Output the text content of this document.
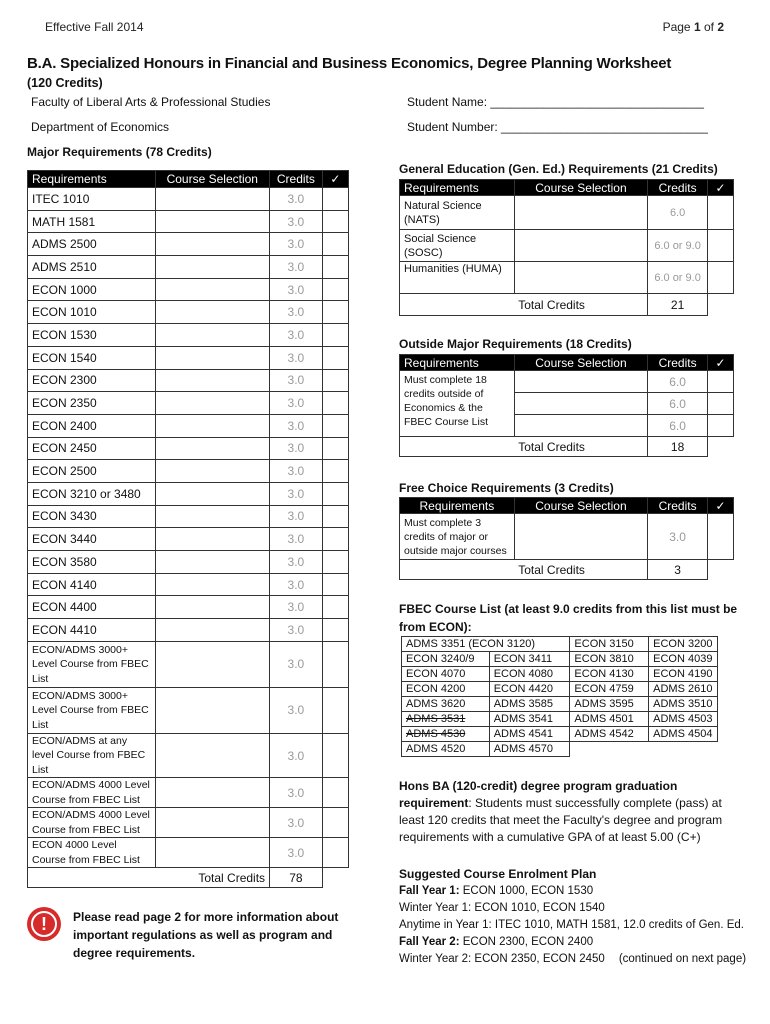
Effective Fall 2014	Page 1 of 2
B.A. Specialized Honours in Financial and Business Economics, Degree Planning Worksheet
(120 Credits)
Faculty of Liberal Arts & Professional Studies
Department of Economics
Student Name: ________________________________
Student Number: _______________________________
Major Requirements (78 Credits)
Requirements	Course Selection	Credits	✓
ITEC 1010		3.0	
MATH 1581		3.0	
ADMS 2500		3.0	
ADMS 2510		3.0	
ECON 1000		3.0	
ECON 1010		3.0	
ECON 1530		3.0	
ECON 1540		3.0	
ECON 2300		3.0	
ECON 2350		3.0	
ECON 2400		3.0	
ECON 2450		3.0	
ECON 2500		3.0	
ECON 3210 or 3480		3.0	
ECON 3430		3.0	
ECON 3440		3.0	
ECON 3580		3.0	
ECON 4140		3.0	
ECON 4400		3.0	
ECON 4410		3.0	
ECON/ADMS 3000+ Level Course from FBEC List		3.0	
ECON/ADMS 3000+ Level Course from FBEC List		3.0	
ECON/ADMS at any level Course from FBEC List		3.0	
ECON/ADMS 4000 Level Course from FBEC List		3.0	
ECON/ADMS 4000 Level Course from FBEC List		3.0	
ECON 4000 Level Course from FBEC List		3.0	
Total Credits		78	
!	Please read page 2 for more information about important regulations as well as program and degree requirements.
General Education (Gen. Ed.) Requirements (21 Credits)
Requirements	Course Selection	Credits	✓
Natural Science (NATS)		6.0	
Social Science (SOSC)		6.0 or 9.0	
Humanities (HUMA)		6.0 or 9.0	
Total Credits		21	
Outside Major Requirements (18 Credits)
Requirements	Course Selection	Credits	✓
Must complete 18 credits outside of Economics & the FBEC Course List		6.0	
		6.0	
		6.0	
Total Credits		18	
Free Choice Requirements (3 Credits)
Requirements	Course Selection	Credits	✓
Must complete 3 credits of major or outside major courses		3.0	
Total Credits		3	
FBEC Course List (at least 9.0 credits from this list must be from ECON):
ADMS 3351 (ECON 3120)		ECON 3150	ECON 3200
ECON 3240/9	ECON 3411	ECON 3810	ECON 4039
ECON 4070	ECON 4080	ECON 4130	ECON 4190
ECON 4200	ECON 4420	ECON 4759	ADMS 2610
ADMS 3620	ADMS 3585	ADMS 3595	ADMS 3510
ADMS 3531	ADMS 3541	ADMS 4501	ADMS 4503
ADMS 4530	ADMS 4541	ADMS 4542	ADMS 4504
ADMS 4520	ADMS 4570		
Hons BA (120-credit) degree program graduation requirement: Students must successfully complete (pass) at least 120 credits that meet the Faculty's degree and program requirements with a cumulative GPA of at least 5.00 (C+)
Suggested Course Enrolment Plan
Fall Year 1: ECON 1000, ECON 1530
Winter Year 1: ECON 1010, ECON 1540
Anytime in Year 1: ITEC 1010, MATH 1581, 12.0 credits of Gen. Ed.
Fall Year 2: ECON 2300, ECON 2400
Winter Year 2: ECON 2350, ECON 2450 (continued on next page)
